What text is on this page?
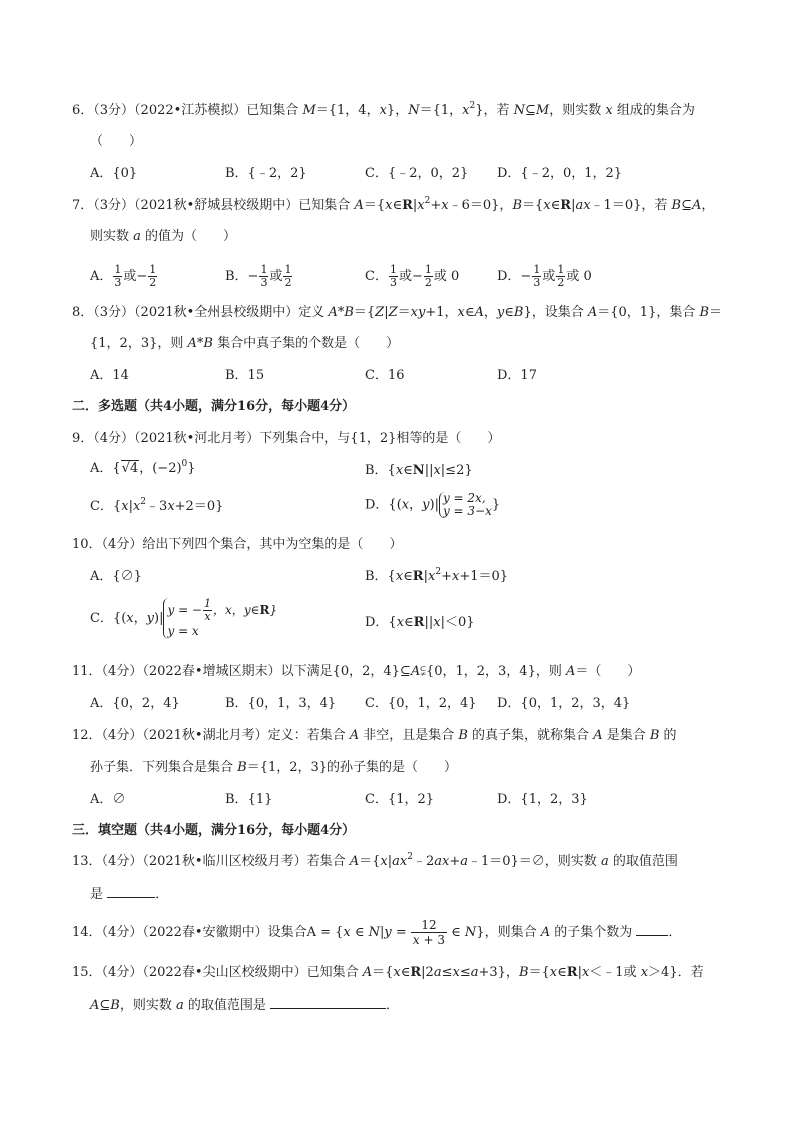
6．（3分）（2022•江苏模拟）已知集合 M＝{1，4，x}，N＝{1，$x^2$}，若 N⊆M，则实数 x 组成的集合为
（　　）
A．{0}	B．{﹣2，2}	C．{﹣2，0，2} D．{﹣2，0，1，2}
7．（3分）（2021秋•舒城县校级期中）已知集合 $A=\{x\in R|x^2+x﹣6=0\}$，B＝{x∈R|ax﹣1＝0}，若 B⊆A，
则实数 a 的值为（　　）
A． $\frac{1}{3}$ 或− $\frac{1}{2}$	B．− $\frac{1}{3}$ 或 $\frac{1}{2}$	C． $\frac{1}{3}$ 或− $\frac{1}{2}$ 或 0	D．− $\frac{1}{3}$ 或 $\frac{1}{2}$ 或 0
8．（3分）（2021秋•全州县校级期中）定义 A*B＝{Z|Z＝xy+1，x∈A，y∈B}，设集合 A＝{0，1}，集合 B＝
{1，2，3}，则 A*B 集合中真子集的个数是（　　）
A．14	B．15	C．16	D．17
二．多选题（共4小题，满分16分，每小题4分）
9．（4分）（2021秋•河北月考）下列集合中，与{1，2}相等的是（　　）
A．{√4，$(-2)^0$}	B．{x∈N||x|≤2}
C．$\{x|x^2﹣3x+2=0\}$	D．{(x，y)| y = 2x,
y = 3−x }
10．（4分）给出下列四个集合，其中为空集的是（　　）
A．{∅}	B．$\{x\in R|x^2+x+1=0\}$
C．{(x，y)|
y = − $\frac{1}{x}$ ，x，y∈R}
y = x
D．{x∈R||x|＜0}
11．（4分）（2022春•增城区期末）以下满足{0，2，4}⊆A⫋{0，1，2，3，4}，则 A＝（　　）
A．{0，2，4}	B．{0，1，3，4} C．{0，1，2，4} D．{0，1，2，3，4}
12．（4分）（2021秋•湖北月考）定义：若集合 A 非空，且是集合 B 的真子集，就称集合 A 是集合 B 的
孙子集．下列集合是集合 B＝{1，2，3}的孙子集的是（　　）
A．∅	B．{1}	C．{1，2}	D．{1，2，3}
三．填空题（共4小题，满分16分，每小题4分）
13．（4分）（2021秋•临川区校级月考）若集合 $A=\{x|ax^2﹣2ax+a﹣1=0\}=\emptyset$，则实数 a 的取值范围
是	．
14．（4分）（2022春•安徽期中）设集合A = {x ∈ $N|y = \frac{12}{x + 3}$ ∈ N}，则集合 A 的子集个数为 ．
15．（4分）（2022春•尖山区校级期中）已知集合 A＝{x∈R|2a≤x≤a+3}，B＝{x∈R|x＜﹣1或 x＞4}．若
A⊆B，则实数 a 的取值范围是	．
